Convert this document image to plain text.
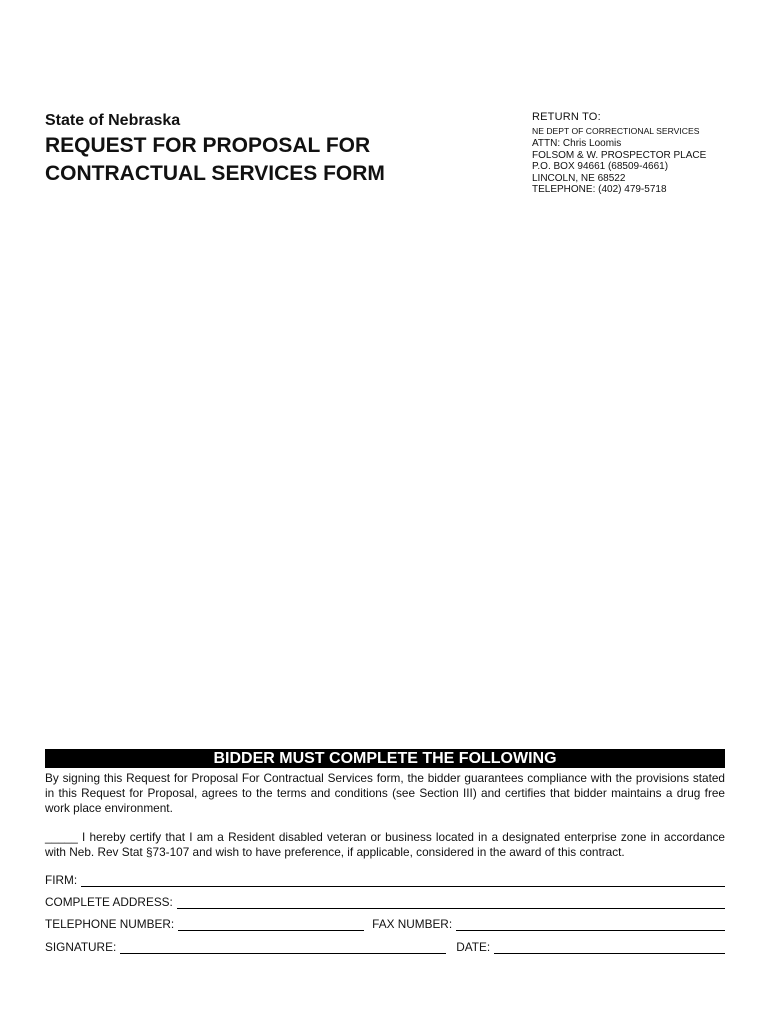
State of Nebraska
REQUEST FOR PROPOSAL FOR
CONTRACTUAL SERVICES FORM
RETURN TO:
NE DEPT OF CORRECTIONAL SERVICES
ATTN: Chris Loomis
FOLSOM & W. PROSPECTOR PLACE
P.O. BOX 94661 (68509-4661)
LINCOLN, NE 68522
TELEPHONE: (402) 479-5718
BIDDER MUST COMPLETE THE FOLLOWING
By signing this Request for Proposal For Contractual Services form, the bidder guarantees compliance with the provisions stated in this Request for Proposal, agrees to the terms and conditions (see Section III) and certifies that bidder maintains a drug free work place environment.
_____ I hereby certify that I am a Resident disabled veteran or business located in a designated enterprise zone in accordance with Neb. Rev Stat §73-107 and wish to have preference, if applicable, considered in the award of this contract.
FIRM:
COMPLETE ADDRESS:
TELEPHONE NUMBER:	FAX NUMBER:
SIGNATURE:	DATE:
